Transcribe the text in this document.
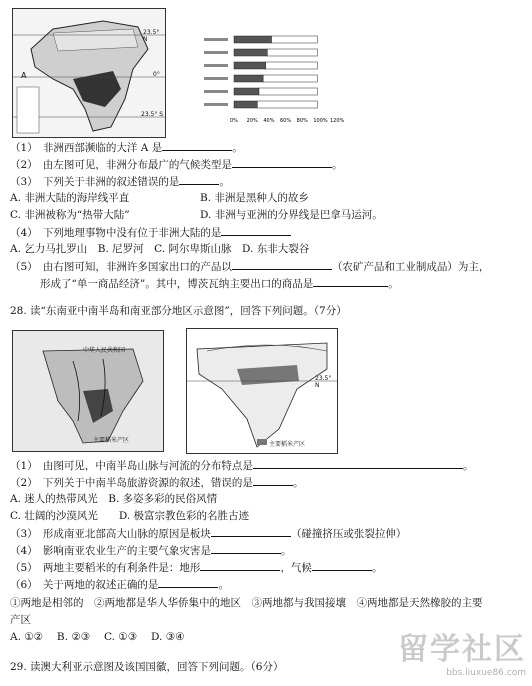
23.5° N
0°
23.5° S
A
0% 20% 40% 60% 80% 100% 120%
（1）　非洲西部濒临的大洋 A 是	。
（2）　由左图可见，非洲分布最广的气候类型是	。
（3）　下列关于非洲的叙述错误的是	。
A. 非洲大陆的海岸线平直	B. 非洲是黑种人的故乡
C. 非洲被称为“热带大陆”	D. 非洲与亚洲的分界线是巴拿马运河。
（4）　下列地理事物中没有位于非洲大陆的是
A. 乞力马扎罗山　B. 尼罗河　C. 阿尔卑斯山脉　D. 东非大裂谷
（5）　由右图可知，非洲许多国家出口的产品以	（农矿产品和工业制成品）为主，
形成了“单一商品经济”。其中，博茨瓦纳主要出口的商品是	。
28. 读“东南亚中南半岛和南亚部分地区示意图”，回答下列问题。（7分）
中华人民共和国
主要稻米产区
23.5° N
主要稻米产区
（1）　由图可见，中南半岛山脉与河流的分布特点是	。
（2）　下列关于中南半岛旅游资源的叙述，错误的是	。
A. 迷人的热带风光　B. 多姿多彩的民俗风情
C. 壮阔的沙漠风光　　D. 极富宗教色彩的名胜古迹
（3）　形成南亚北部高大山脉的原因是板块	（碰撞挤压或张裂拉伸）
（4）　影响南亚农业生产的主要气象灾害是	。
（5）　两地主要稻米的有利条件是：地形	，气候	。
（6）　关于两地的叙述正确的是	。
①两地是相邻的　②两地都是华人华侨集中的地区　③两地都与我国接壤　④两地都是天然橡胶的主要
产区
A. ①②　 B. ②③　 C. ①③　 D. ③④
29. 读澳大利亚示意图及该国国徽，回答下列问题。（6分）	留学社区
bbs.liuxue86.com
